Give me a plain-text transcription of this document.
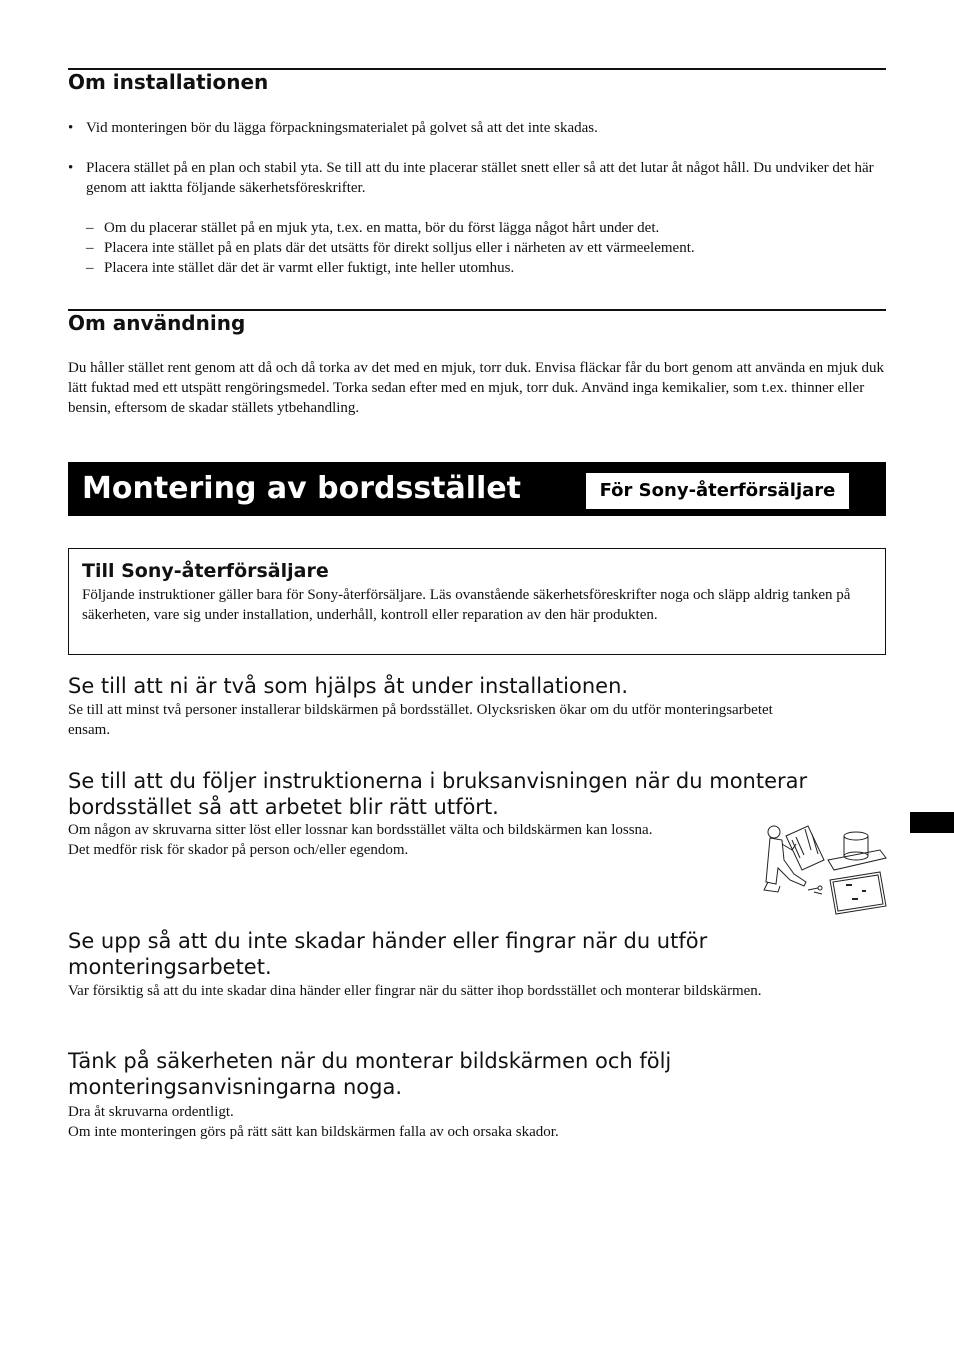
Om installationen
• Vid monteringen bör du lägga förpackningsmaterialet på golvet så att det inte skadas.
• Placera stället på en plan och stabil yta. Se till att du inte placerar stället snett eller så att det lutar åt något håll. Du undviker det här genom att iaktta följande säkerhetsföreskrifter.
– Om du placerar stället på en mjuk yta, t.ex. en matta, bör du först lägga något hårt under det.
– Placera inte stället på en plats där det utsätts för direkt solljus eller i närheten av ett värmeelement.
– Placera inte stället där det är varmt eller fuktigt, inte heller utomhus.
Om användning

Du håller stället rent genom att då och då torka av det med en mjuk, torr duk. Envisa fläckar får du bort genom att använda en mjuk duk lätt fuktad med ett utspätt rengöringsmedel. Torka sedan efter med en mjuk, torr duk. Använd inga kemikalier, som t.ex. thinner eller bensin, eftersom de skadar ställets ytbehandling.

Montering av bordsstället	För Sony-återförsäljare
Till Sony-återförsäljare

Följande instruktioner gäller bara för Sony-återförsäljare. Läs ovanstående säkerhetsföreskrifter noga och släpp aldrig tanken på säkerheten, vare sig under installation, underhåll, kontroll eller reparation av den här produkten.

Se till att ni är två som hjälps åt under installationen.

Se till att minst två personer installerar bildskärmen på bordsstället. Olycksrisken ökar om du utför monteringsarbetet ensam.

Se till att du följer instruktionerna i bruksanvisningen när du monterar bordsstället så att arbetet blir rätt utfört.

Om någon av skruvarna sitter löst eller lossnar kan bordsstället välta och bildskärmen kan lossna. Det medför risk för skador på person och/eller egendom.

Se upp så att du inte skadar händer eller fingrar när du utför monteringsarbetet.

Var försiktig så att du inte skadar dina händer eller fingrar när du sätter ihop bordsstället och monterar bildskärmen.

Tänk på säkerheten när du monterar bildskärmen och följ monteringsanvisningarna noga.

Dra åt skruvarna ordentligt.
Om inte monteringen görs på rätt sätt kan bildskärmen falla av och orsaka skador.
